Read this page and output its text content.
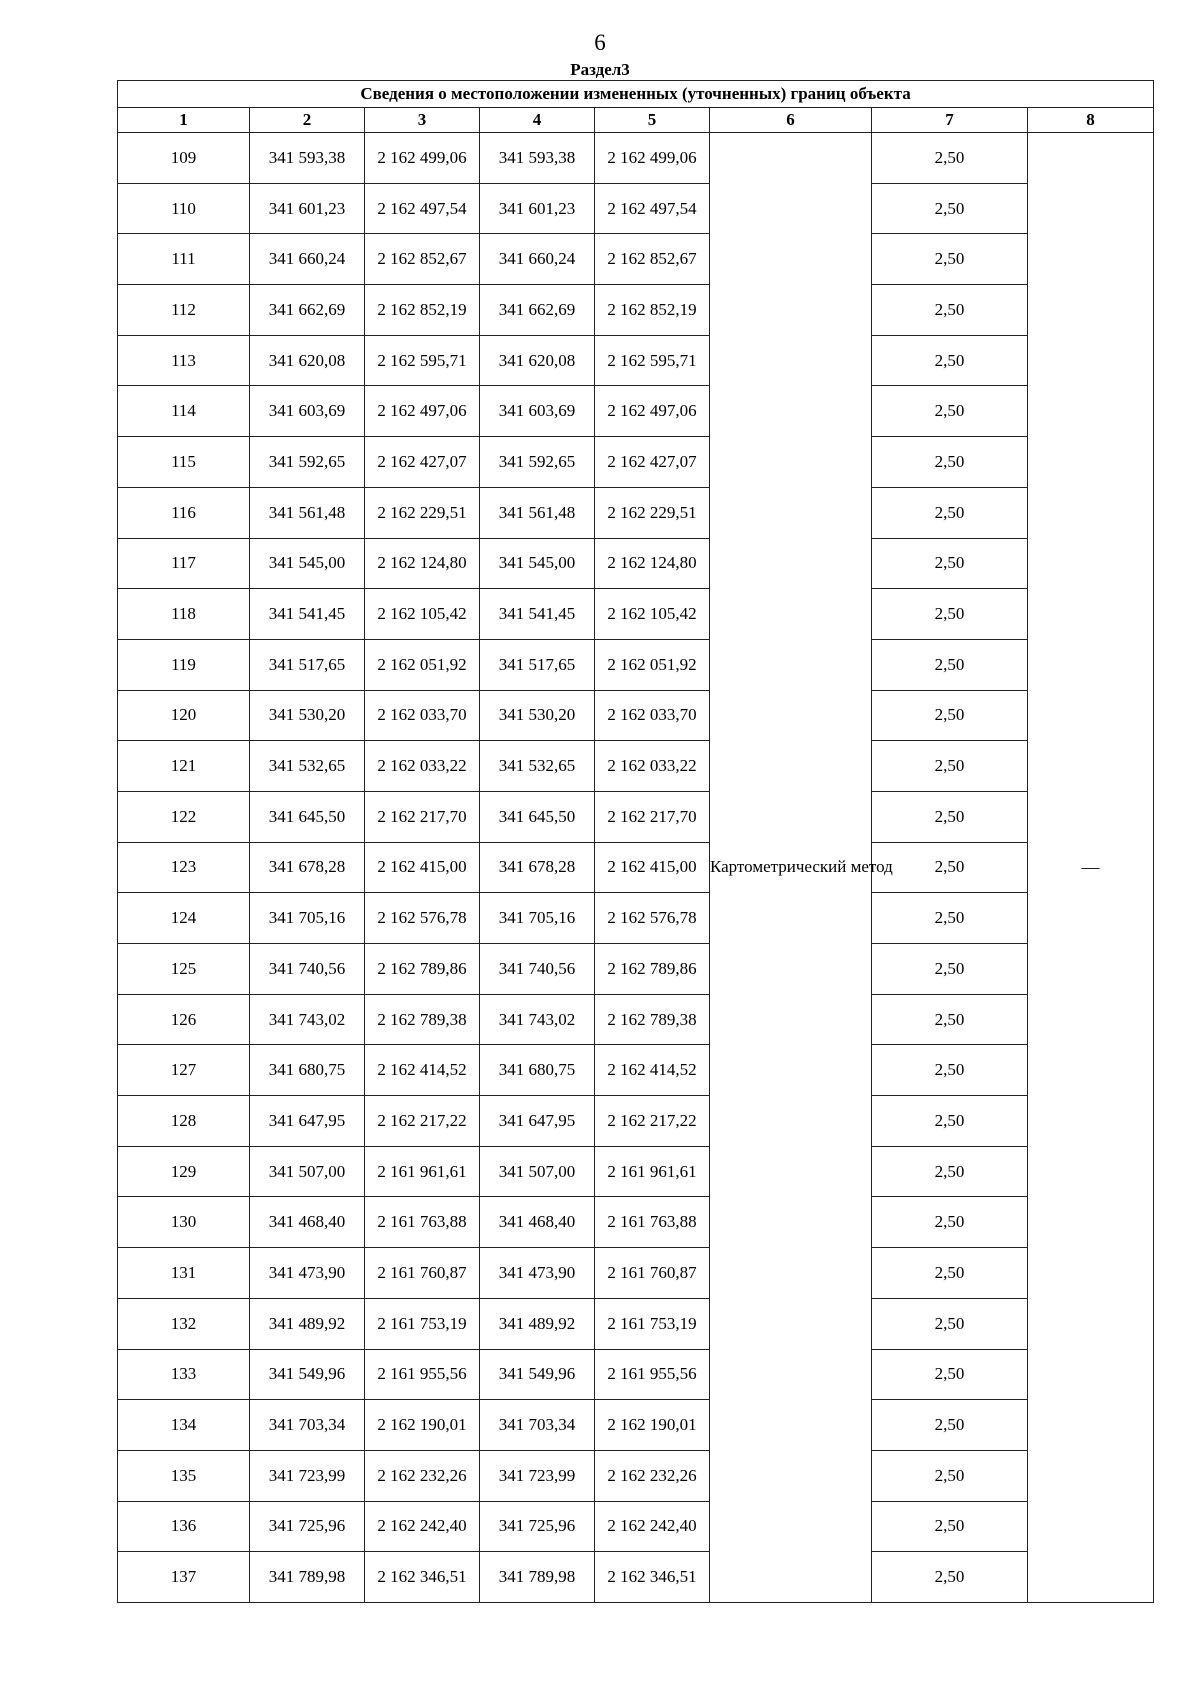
6
Раздел3
Сведения о местоположении измененных (уточненных) границ объекта							
1	2	3	4	5	6	7	8
109	341 593,38	2 162 499,06	341 593,38	2 162 499,06	Картометрический метод	2,50	—
110	341 601,23	2 162 497,54	341 601,23	2 162 497,54		2,50	
111	341 660,24	2 162 852,67	341 660,24	2 162 852,67		2,50	
112	341 662,69	2 162 852,19	341 662,69	2 162 852,19		2,50	
113	341 620,08	2 162 595,71	341 620,08	2 162 595,71		2,50	
114	341 603,69	2 162 497,06	341 603,69	2 162 497,06		2,50	
115	341 592,65	2 162 427,07	341 592,65	2 162 427,07		2,50	
116	341 561,48	2 162 229,51	341 561,48	2 162 229,51		2,50	
117	341 545,00	2 162 124,80	341 545,00	2 162 124,80		2,50	
118	341 541,45	2 162 105,42	341 541,45	2 162 105,42		2,50	
119	341 517,65	2 162 051,92	341 517,65	2 162 051,92		2,50	
120	341 530,20	2 162 033,70	341 530,20	2 162 033,70		2,50	
121	341 532,65	2 162 033,22	341 532,65	2 162 033,22		2,50	
122	341 645,50	2 162 217,70	341 645,50	2 162 217,70		2,50	
123	341 678,28	2 162 415,00	341 678,28	2 162 415,00		2,50	
124	341 705,16	2 162 576,78	341 705,16	2 162 576,78		2,50	
125	341 740,56	2 162 789,86	341 740,56	2 162 789,86		2,50	
126	341 743,02	2 162 789,38	341 743,02	2 162 789,38		2,50	
127	341 680,75	2 162 414,52	341 680,75	2 162 414,52		2,50	
128	341 647,95	2 162 217,22	341 647,95	2 162 217,22		2,50	
129	341 507,00	2 161 961,61	341 507,00	2 161 961,61		2,50	
130	341 468,40	2 161 763,88	341 468,40	2 161 763,88		2,50	
131	341 473,90	2 161 760,87	341 473,90	2 161 760,87		2,50	
132	341 489,92	2 161 753,19	341 489,92	2 161 753,19		2,50	
133	341 549,96	2 161 955,56	341 549,96	2 161 955,56		2,50	
134	341 703,34	2 162 190,01	341 703,34	2 162 190,01		2,50	
135	341 723,99	2 162 232,26	341 723,99	2 162 232,26		2,50	
136	341 725,96	2 162 242,40	341 725,96	2 162 242,40		2,50	
137	341 789,98	2 162 346,51	341 789,98	2 162 346,51		2,50	
